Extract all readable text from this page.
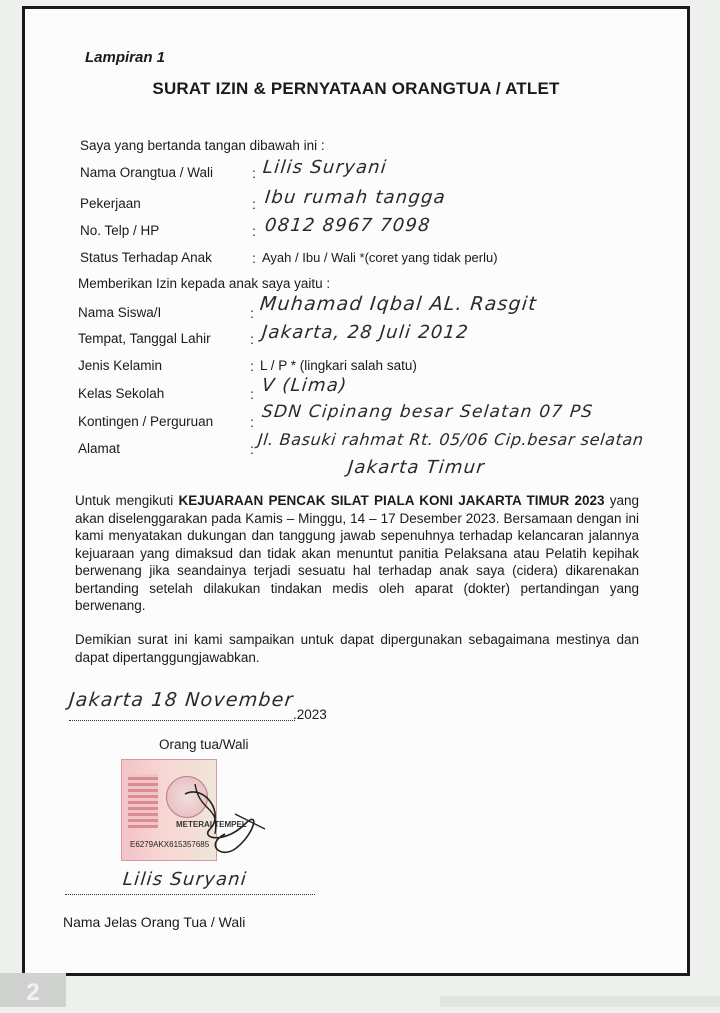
Lampiran 1
SURAT IZIN & PERNYATAAN ORANGTUA / ATLET
Saya yang bertanda tangan dibawah ini :
Nama Orangtua / Wali	: Lilis Suryani
Pekerjaan	: Ibu rumah tangga
No. Telp / HP	: 0812 8967 7098
Status Terhadap Anak	: Ayah / Ibu / Wali *(coret yang tidak perlu)
Memberikan Izin kepada anak saya yaitu :
Nama Siswa/I	: Muhamad Iqbal AL. Rasgit
Tempat, Tanggal Lahir	: Jakarta, 28 Juli 2012
Jenis Kelamin	: L / P * (lingkari salah satu)
Kelas Sekolah	: V (Lima)
Kontingen / Perguruan	: SDN Cipinang besar Selatan 07 PS
Alamat	: Jl. Basuki rahmat Rt. 05/06 Cip.besar selatan
Jakarta Timur
Untuk mengikuti KEJUARAAN PENCAK SILAT PIALA KONI JAKARTA TIMUR 2023 yang akan diselenggarakan pada Kamis – Minggu, 14 – 17 Desember 2023. Bersamaan dengan ini kami menyatakan dukungan dan tanggung jawab sepenuhnya terhadap kelancaran jalannya kejuaraan yang dimaksud dan tidak akan menuntut panitia Pelaksana atau Pelatih kepihak berwenang jika seandainya terjadi sesuatu hal terhadap anak saya (cidera) dikarenakan bertanding setelah dilakukan tindakan medis oleh aparat (dokter) pertandingan yang berwenang.
Demikian surat ini kami sampaikan untuk dapat dipergunakan sebagaimana mestinya dan dapat dipertanggungjawabkan.
Jakarta 18 November
.2023
Orang tua/Wali
METERAI TEMPEL
E6279AKX615357685
Lilis Suryani
Nama Jelas Orang Tua / Wali
2
